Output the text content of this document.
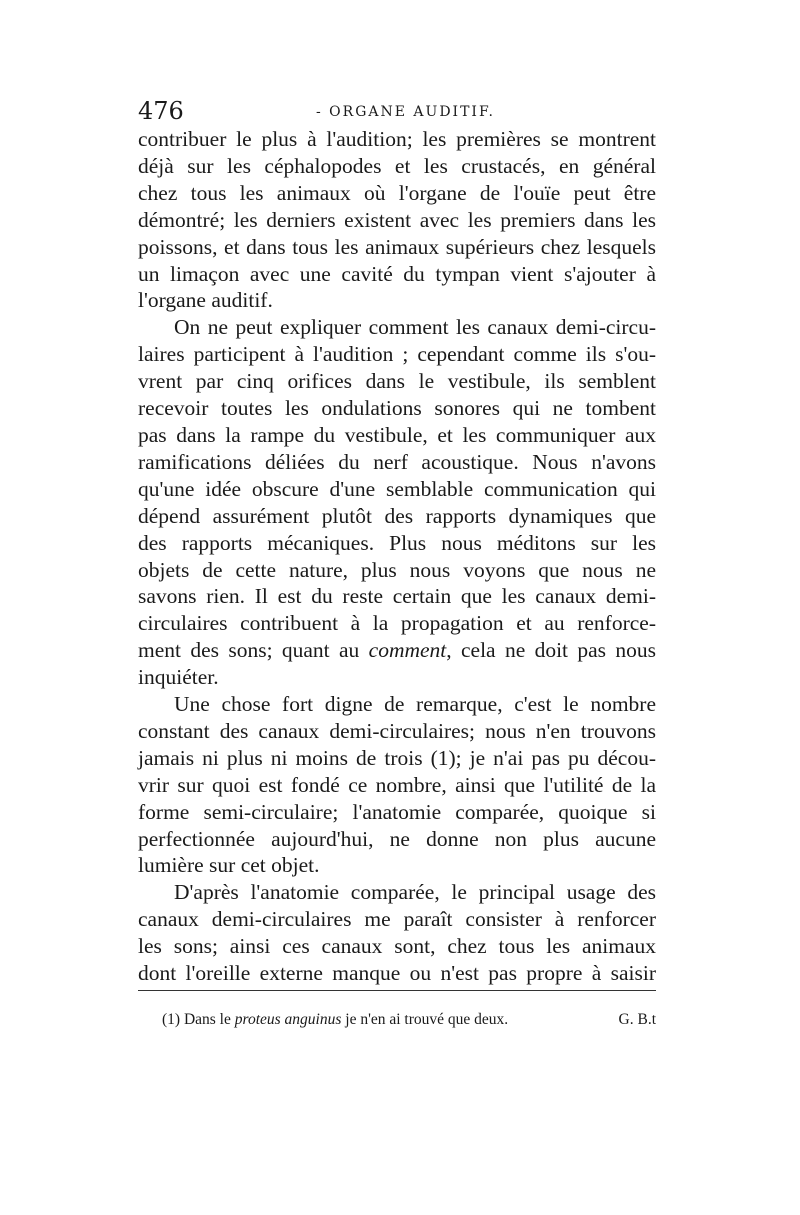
476	- ORGANE AUDITIF.
contribuer le plus à l'audition; les premières se montrent
déjà sur les céphalopodes et les crustacés, en général
chez tous les animaux où l'organe de l'ouïe peut être
démontré; les derniers existent avec les premiers dans les
poissons, et dans tous les animaux supérieurs chez lesquels
un limaçon avec une cavité du tympan vient s'ajouter à
l'organe auditif.
On ne peut expliquer comment les canaux demi-circu-
laires participent à l'audition ; cependant comme ils s'ou-
vrent par cinq orifices dans le vestibule, ils semblent
recevoir toutes les ondulations sonores qui ne tombent
pas dans la rampe du vestibule, et les communiquer aux
ramifications déliées du nerf acoustique. Nous n'avons
qu'une idée obscure d'une semblable communication qui
dépend assurément plutôt des rapports dynamiques que
des rapports mécaniques. Plus nous méditons sur les
objets de cette nature, plus nous voyons que nous ne
savons rien. Il est du reste certain que les canaux demi-
circulaires contribuent à la propagation et au renforce-
ment des sons; quant au comment, cela ne doit pas nous
inquiéter.
Une chose fort digne de remarque, c'est le nombre
constant des canaux demi-circulaires; nous n'en trouvons
jamais ni plus ni moins de trois (1); je n'ai pas pu décou-
vrir sur quoi est fondé ce nombre, ainsi que l'utilité de la
forme semi-circulaire; l'anatomie comparée, quoique si
perfectionnée aujourd'hui, ne donne non plus aucune
lumière sur cet objet.
D'après l'anatomie comparée, le principal usage des
canaux demi-circulaires me paraît consister à renforcer
les sons; ainsi ces canaux sont, chez tous les animaux
dont l'oreille externe manque ou n'est pas propre à saisir
(1) Dans le proteus anguinus je n'en ai trouvé que deux.	G. B.t
